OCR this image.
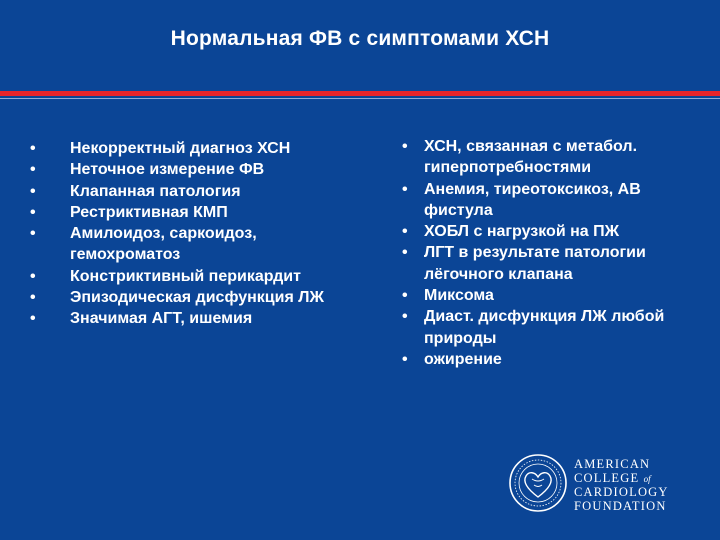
Нормальная ФВ с симптомами ХСН
• Некорректный диагноз ХСН
• Неточное измерение ФВ
• Клапанная патология
• Рестриктивная КМП
• Амилоидоз, саркоидоз, гемохроматоз
• Констриктивный перикардит
• Эпизодическая дисфункция ЛЖ
• Значимая АГТ, ишемия
• ХСН, связанная с метабол. гиперпотребностями
• Анемия, тиреотоксикоз, АВ фистула
• ХОБЛ с нагрузкой на ПЖ
• ЛГТ в результате патологии лёгочного клапана
• Миксома
• Диаст. дисфункция ЛЖ любой природы
• ожирение
AMERICAN
COLLEGE of
CARDIOLOGY
FOUNDATION
